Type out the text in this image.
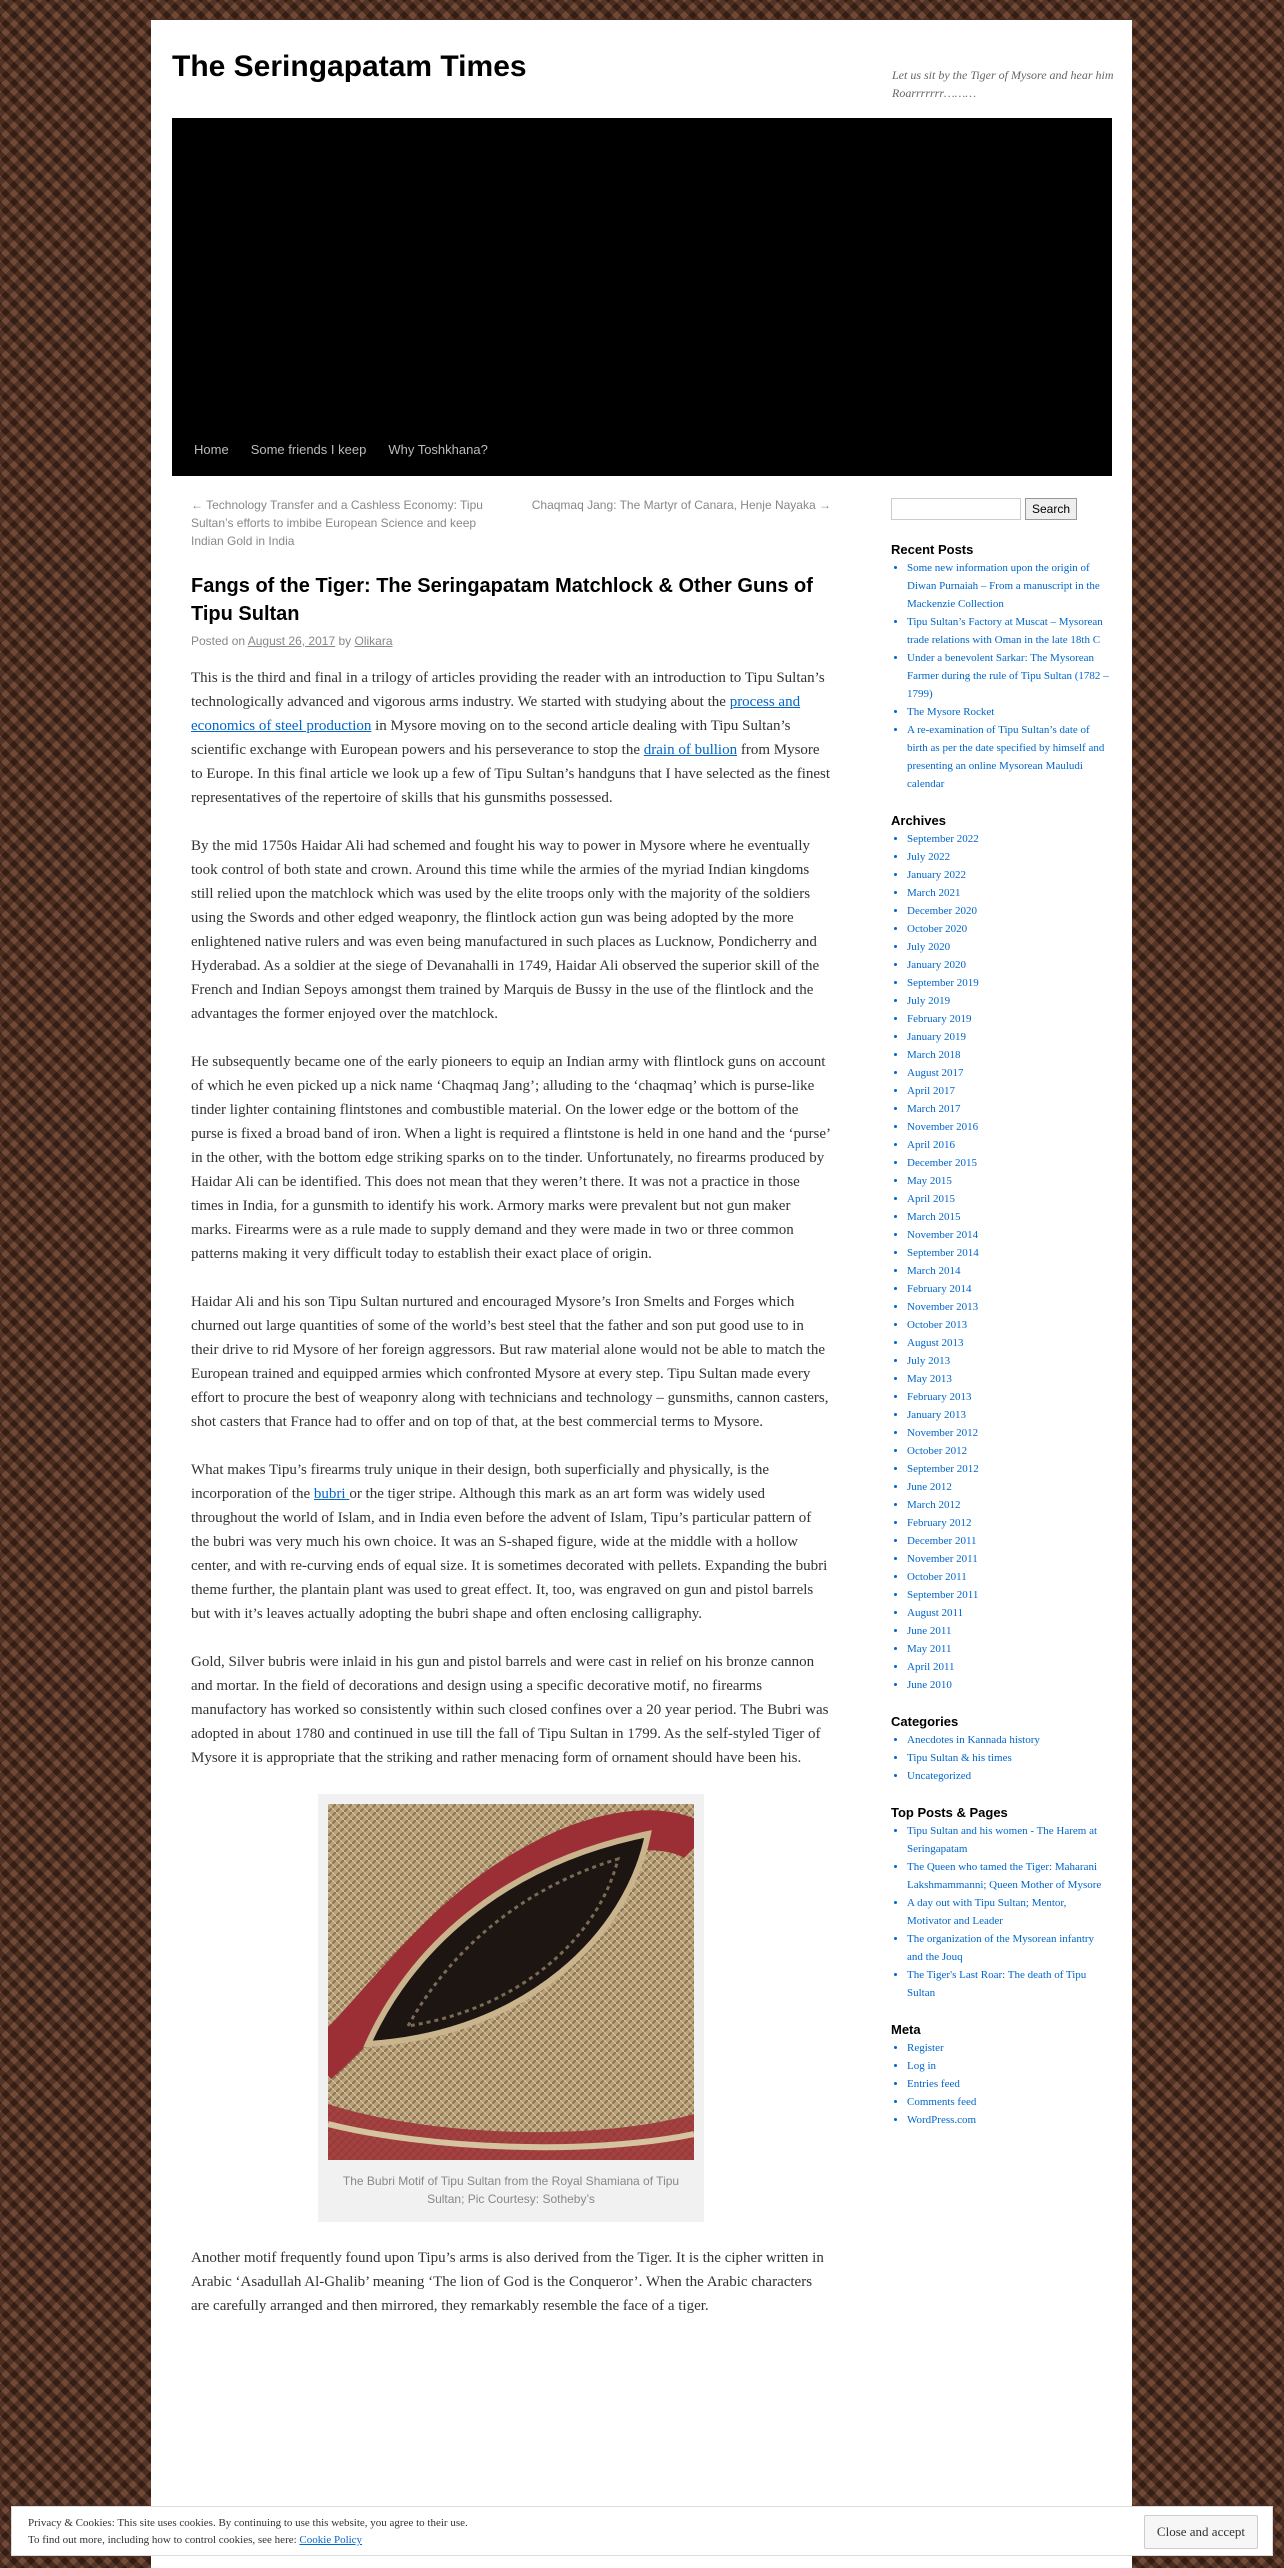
The Seringapatam Times	Let us sit by the Tiger of Mysore and hear him Roarrrrrrr………
Home	Some friends I keep	Why Toshkhana?
← Technology Transfer and a Cashless Economy: Tipu Sultan’s efforts to imbibe European Science and keep Indian Gold in India
Chaqmaq Jang: The Martyr of Canara, Henje Nayaka →
Fangs of the Tiger: The Seringapatam Matchlock & Other Guns of Tipu Sultan
Posted on August 26, 2017 by Olikara

This is the third and final in a trilogy of articles providing the reader with an introduction to Tipu Sultan’s technologically advanced and vigorous arms industry. We started with studying about the process and economics of steel production in Mysore moving on to the second article dealing with Tipu Sultan’s scientific exchange with European powers and his perseverance to stop the drain of bullion from Mysore to Europe. In this final article we look up a few of Tipu Sultan’s handguns that I have selected as the finest representatives of the repertoire of skills that his gunsmiths possessed.

By the mid 1750s Haidar Ali had schemed and fought his way to power in Mysore where he eventually took control of both state and crown. Around this time while the armies of the myriad Indian kingdoms still relied upon the matchlock which was used by the elite troops only with the majority of the soldiers using the Swords and other edged weaponry, the flintlock action gun was being adopted by the more enlightened native rulers and was even being manufactured in such places as Lucknow, Pondicherry and Hyderabad. As a soldier at the siege of Devanahalli in 1749, Haidar Ali observed the superior skill of the French and Indian Sepoys amongst them trained by Marquis de Bussy in the use of the flintlock and the advantages the former enjoyed over the matchlock.

He subsequently became one of the early pioneers to equip an Indian army with flintlock guns on account of which he even picked up a nick name ‘Chaqmaq Jang’; alluding to the ‘chaqmaq’ which is purse-like tinder lighter containing flintstones and combustible material. On the lower edge or the bottom of the purse is fixed a broad band of iron. When a light is required a flintstone is held in one hand and the ‘purse’ in the other, with the bottom edge striking sparks on to the tinder. Unfortunately, no firearms produced by Haidar Ali can be identified. This does not mean that they weren’t there. It was not a practice in those times in India, for a gunsmith to identify his work. Armory marks were prevalent but not gun maker marks. Firearms were as a rule made to supply demand and they were made in two or three common patterns making it very difficult today to establish their exact place of origin.

Haidar Ali and his son Tipu Sultan nurtured and encouraged Mysore’s Iron Smelts and Forges which churned out large quantities of some of the world’s best steel that the father and son put good use to in their drive to rid Mysore of her foreign aggressors. But raw material alone would not be able to match the European trained and equipped armies which confronted Mysore at every step. Tipu Sultan made every effort to procure the best of weaponry along with technicians and technology – gunsmiths, cannon casters, shot casters that France had to offer and on top of that, at the best commercial terms to Mysore.

What makes Tipu’s firearms truly unique in their design, both superficially and physically, is the incorporation of the bubri or the tiger stripe. Although this mark as an art form was widely used throughout the world of Islam, and in India even before the advent of Islam, Tipu’s particular pattern of the bubri was very much his own choice. It was an S-shaped figure, wide at the middle with a hollow center, and with re-curving ends of equal size. It is sometimes decorated with pellets. Expanding the bubri theme further, the plantain plant was used to great effect. It, too, was engraved on gun and pistol barrels but with it’s leaves actually adopting the bubri shape and often enclosing calligraphy.

Gold, Silver bubris were inlaid in his gun and pistol barrels and were cast in relief on his bronze cannon and mortar. In the field of decorations and design using a specific decorative motif, no firearms manufactory has worked so consistently within such closed confines over a 20 year period. The Bubri was adopted in about 1780 and continued in use till the fall of Tipu Sultan in 1799. As the self-styled Tiger of Mysore it is appropriate that the striking and rather menacing form of ornament should have been his.

The Bubri Motif of Tipu Sultan from the Royal Shamiana of Tipu Sultan; Pic Courtesy: Sotheby’s

Another motif frequently found upon Tipu’s arms is also derived from the Tiger. It is the cipher written in Arabic ‘Asadullah Al-Ghalib’ meaning ‘The lion of God is the Conqueror’. When the Arabic characters are carefully arranged and then mirrored, they remarkably resemble the face of a tiger.

Search
Recent Posts
• Some new information upon the origin of Diwan Purnaiah – From a manuscript in the Mackenzie Collection
• Tipu Sultan’s Factory at Muscat – Mysorean trade relations with Oman in the late 18th C
• Under a benevolent Sarkar: The Mysorean Farmer during the rule of Tipu Sultan (1782 – 1799)
• The Mysore Rocket
• A re-examination of Tipu Sultan’s date of birth as per the date specified by himself and presenting an online Mysorean Mauludi calendar
Archives
• September 2022
• July 2022
• January 2022
• March 2021
• December 2020
• October 2020
• July 2020
• January 2020
• September 2019
• July 2019
• February 2019
• January 2019
• March 2018
• August 2017
• April 2017
• March 2017
• November 2016
• April 2016
• December 2015
• May 2015
• April 2015
• March 2015
• November 2014
• September 2014
• March 2014
• February 2014
• November 2013
• October 2013
• August 2013
• July 2013
• May 2013
• February 2013
• January 2013
• November 2012
• October 2012
• September 2012
• June 2012
• March 2012
• February 2012
• December 2011
• November 2011
• October 2011
• September 2011
• August 2011
• June 2011
• May 2011
• April 2011
• June 2010
Categories
• Anecdotes in Kannada history
• Tipu Sultan & his times
• Uncategorized
Top Posts & Pages
• Tipu Sultan and his women - The Harem at Seringapatam
• The Queen who tamed the Tiger: Maharani Lakshmammanni; Queen Mother of Mysore
• A day out with Tipu Sultan; Mentor, Motivator and Leader
• The organization of the Mysorean infantry and the Jouq
• The Tiger's Last Roar: The death of Tipu Sultan
Meta
• Register
• Log in
• Entries feed
• Comments feed
• WordPress.com
Privacy & Cookies: This site uses cookies. By continuing to use this website, you agree to their use.
To find out more, including how to control cookies, see here: Cookie Policy
Close and accept
